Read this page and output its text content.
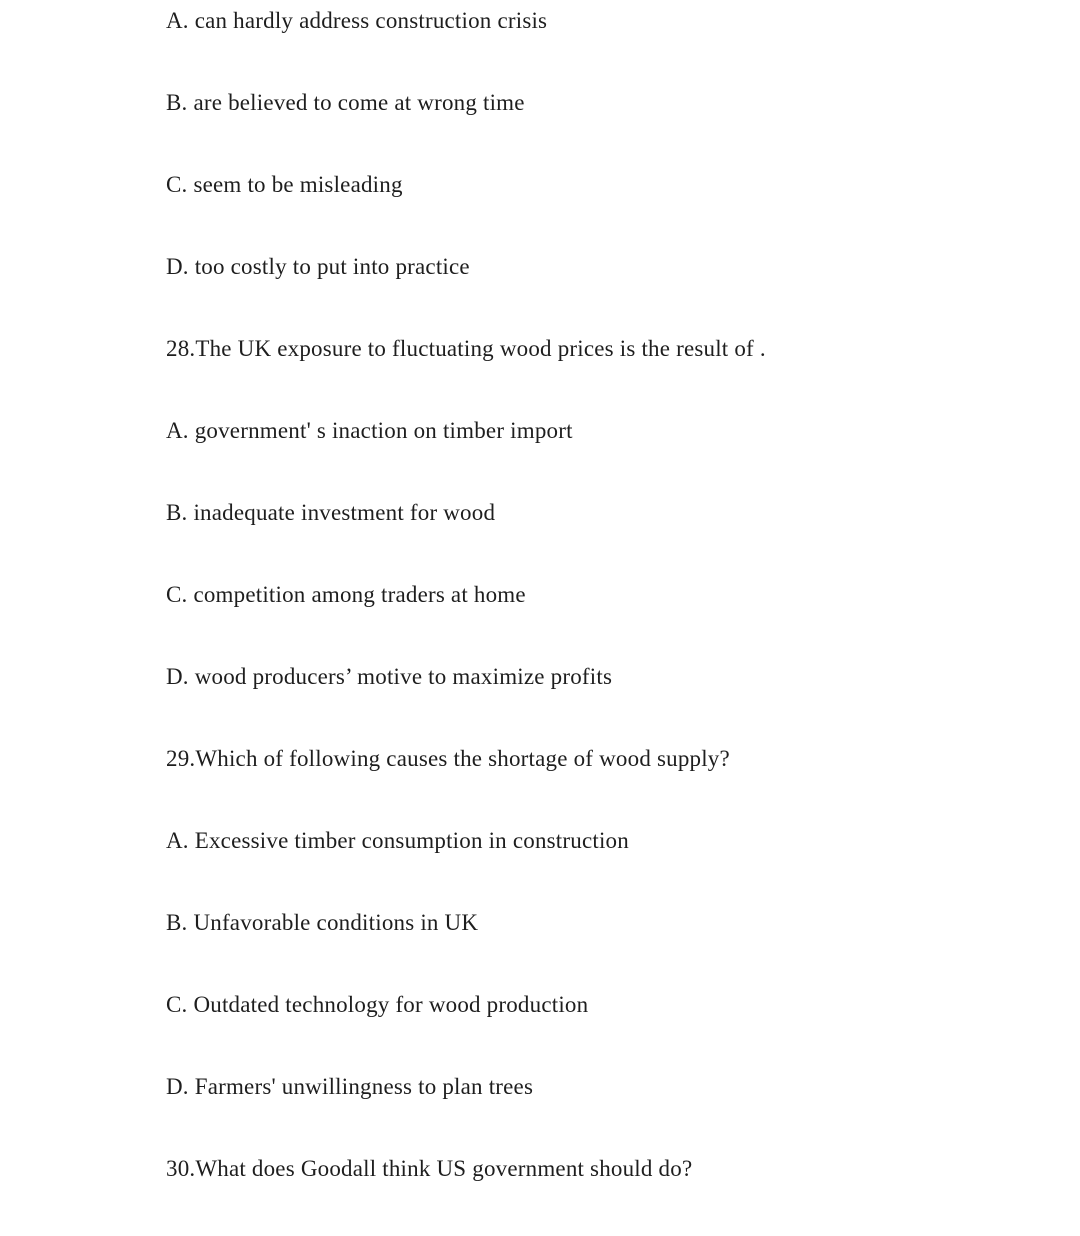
A. can hardly address construction crisis
B. are believed to come at wrong time
C. seem to be misleading
D. too costly to put into practice
28.The UK exposure to fluctuating wood prices is the result of .
A. government' s inaction on timber import
B. inadequate investment for wood
C. competition among traders at home
D. wood producers’ motive to maximize profits
29.Which of following causes the shortage of wood supply?
A. Excessive timber consumption in construction
B. Unfavorable conditions in UK
C. Outdated technology for wood production
D. Farmers' unwillingness to plan trees
30.What does Goodall think US government should do?
